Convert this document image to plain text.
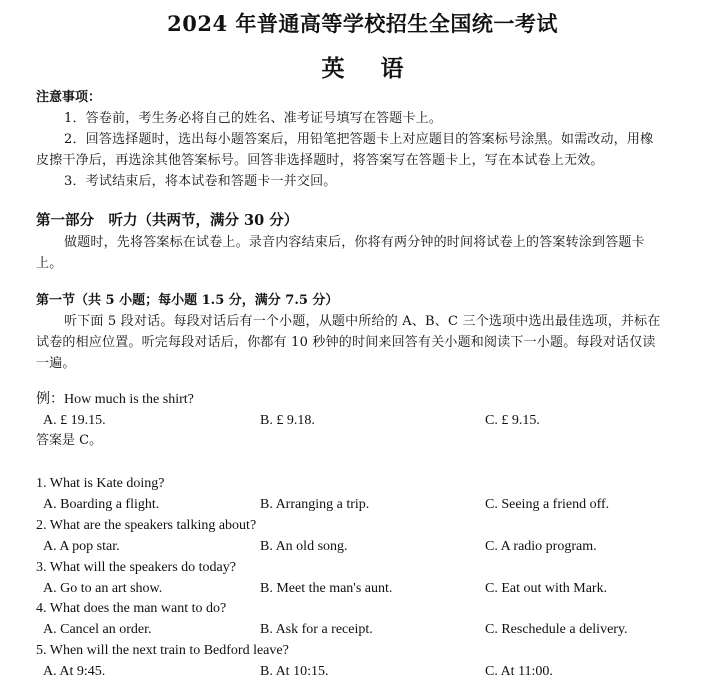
2024 年普通高等学校招生全国统一考试
英 语
注意事项：
1．答卷前，考生务必将自己的姓名、准考证号填写在答题卡上。
2．回答选择题时，选出每小题答案后，用铅笔把答题卡上对应题目的答案标号涂黑。如需改动，用橡
皮擦干净后，再选涂其他答案标号。回答非选择题时，将答案写在答题卡上，写在本试卷上无效。
3．考试结束后，将本试卷和答题卡一并交回。
第一部分　听力（共两节，满分 30 分）
做题时，先将答案标在试卷上。录音内容结束后，你将有两分钟的时间将试卷上的答案转涂到答题卡
上。
第一节（共 5 小题；每小题 1.5 分，满分 7.5 分）
听下面 5 段对话。每段对话后有一个小题，从题中所给的 A、B、C 三个选项中选出最佳选项，并标在
试卷的相应位置。听完每段对话后，你都有 10 秒钟的时间来回答有关小题和阅读下一小题。每段对话仅读
一遍。
例：How much is the shirt?
A. £ 19.15.	B. £ 9.18.	C. £ 9.15.
答案是 C。
1. What is Kate doing?
A. Boarding a flight.	B. Arranging a trip.	C. Seeing a friend off.
2. What are the speakers talking about?
A. A pop star.	B. An old song.	C. A radio program.
3. What will the speakers do today?
A. Go to an art show.	B. Meet the man's aunt.	C. Eat out with Mark.
4. What does the man want to do?
A. Cancel an order.	B. Ask for a receipt.	C. Reschedule a delivery.
5. When will the next train to Bedford leave?
A. At 9:45.	B. At 10:15.	C. At 11:00.
